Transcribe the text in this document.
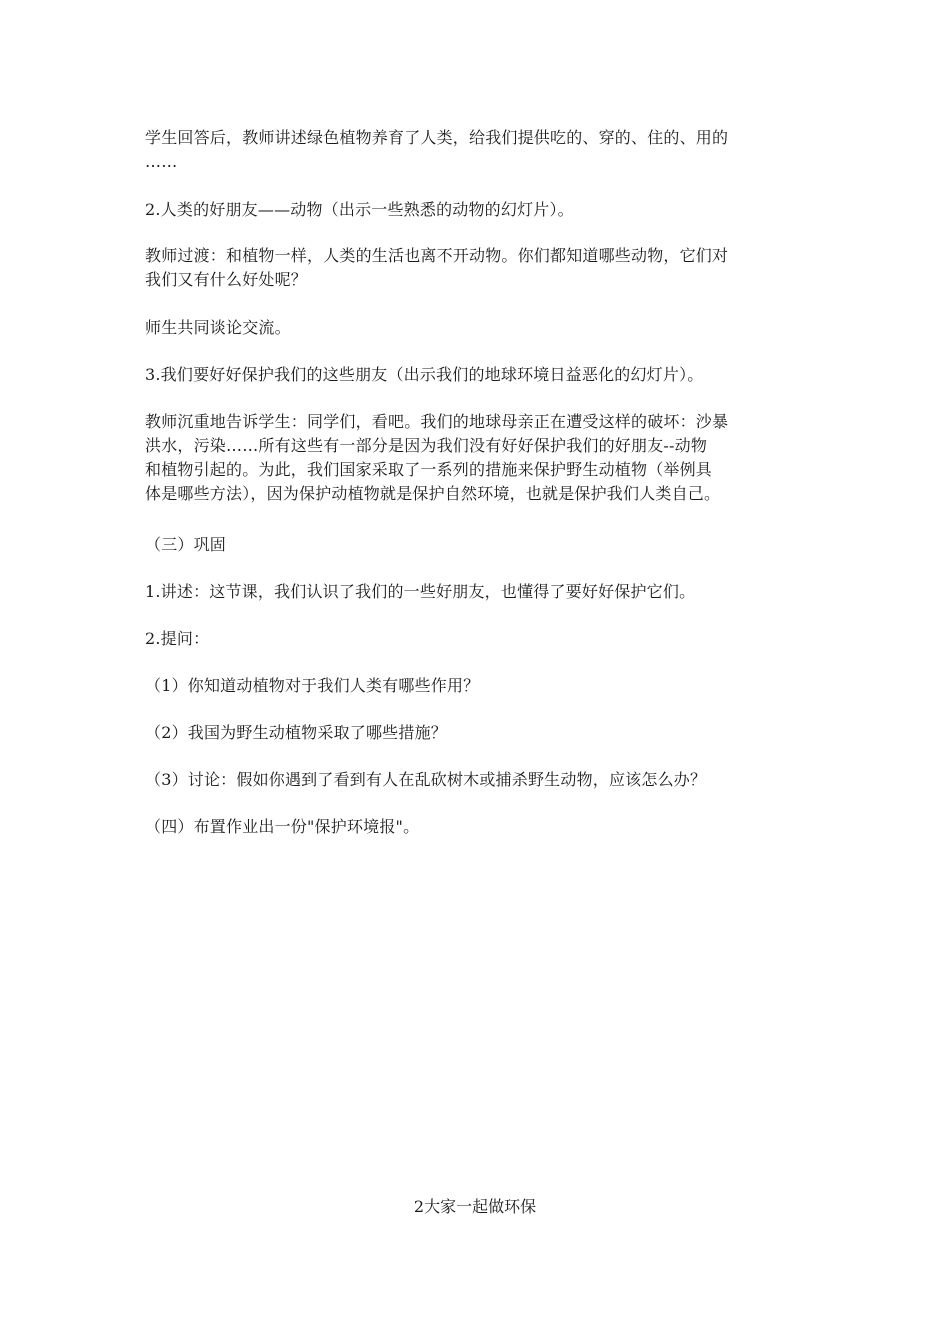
学生回答后，教师讲述绿色植物养育了人类，给我们提供吃的、穿的、住的、用的
……

2.人类的好朋友——动物（出示一些熟悉的动物的幻灯片）。

教师过渡：和植物一样，人类的生活也离不开动物。你们都知道哪些动物，它们对
我们又有什么好处呢？

师生共同谈论交流。

3.我们要好好保护我们的这些朋友（出示我们的地球环境日益恶化的幻灯片）。

教师沉重地告诉学生：同学们，看吧。我们的地球母亲正在遭受这样的破坏：沙暴
洪水，污染……所有这些有一部分是因为我们没有好好保护我们的好朋友--动物
和植物引起的。为此，我们国家采取了一系列的措施来保护野生动植物（举例具
体是哪些方法），因为保护动植物就是保护自然环境，也就是保护我们人类自己。

（三）巩固

1.讲述：这节课，我们认识了我们的一些好朋友，也懂得了要好好保护它们。

2.提问：

（1）你知道动植物对于我们人类有哪些作用？

（2）我国为野生动植物采取了哪些措施？

（3）讨论：假如你遇到了看到有人在乱砍树木或捕杀野生动物，应该怎么办？

（四）布置作业出一份"保护环境报"。

2大家一起做环保
